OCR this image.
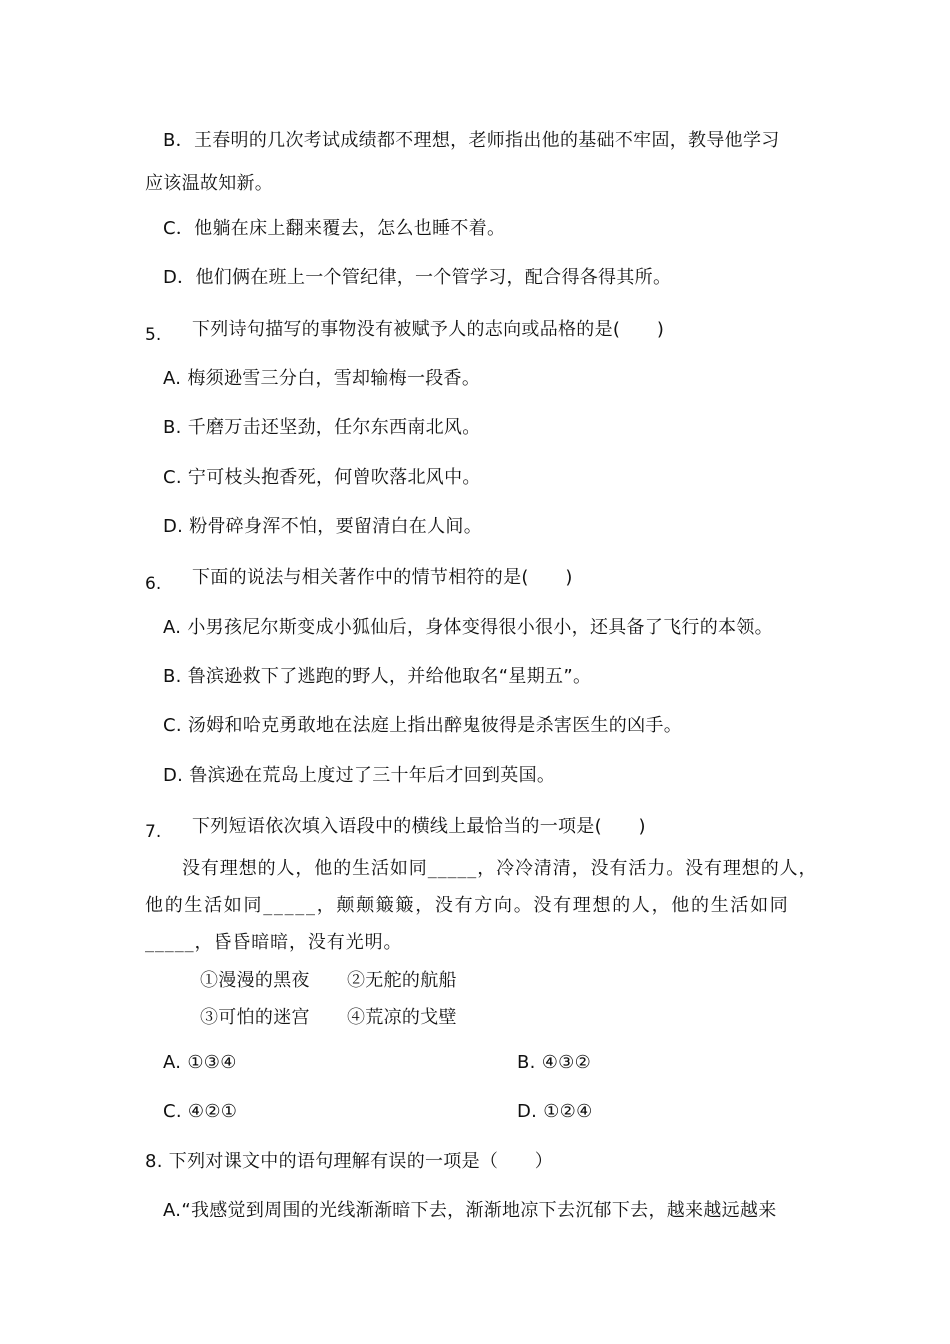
B．王春明的几次考试成绩都不理想，老师指出他的基础不牢固，教导他学习
应该温故知新。
C．他躺在床上翻来覆去，怎么也睡不着。
D．他们俩在班上一个管纪律，一个管学习，配合得各得其所。
5. 下列诗句描写的事物没有被赋予人的志向或品格的是(　　)
A. 梅须逊雪三分白，雪却输梅一段香。
B. 千磨万击还坚劲，任尔东西南北风。
C. 宁可枝头抱香死，何曾吹落北风中。
D. 粉骨碎身浑不怕，要留清白在人间。
6. 下面的说法与相关著作中的情节相符的是(　　)
A. 小男孩尼尔斯变成小狐仙后，身体变得很小很小，还具备了飞行的本领。
B. 鲁滨逊救下了逃跑的野人，并给他取名“星期五”。
C. 汤姆和哈克勇敢地在法庭上指出醉鬼彼得是杀害医生的凶手。
D. 鲁滨逊在荒岛上度过了三十年后才回到英国。
7. 下列短语依次填入语段中的横线上最恰当的一项是(　　)
没有理想的人，他的生活如同_____，冷冷清清，没有活力。没有理想的人，
他的生活如同_____，颠颠簸簸，没有方向。没有理想的人，他的生活如同
_____，昏昏暗暗，没有光明。
①漫漫的黑夜 ②无舵的航船
③可怕的迷宫 ④荒凉的戈壁
A. ①③④	B. ④③②
C. ④②①	D. ①②④
8. 下列对课文中的语句理解有误的一项是（　　）
A.“我感觉到周围的光线渐渐暗下去，渐渐地凉下去沉郁下去，越来越远越来
